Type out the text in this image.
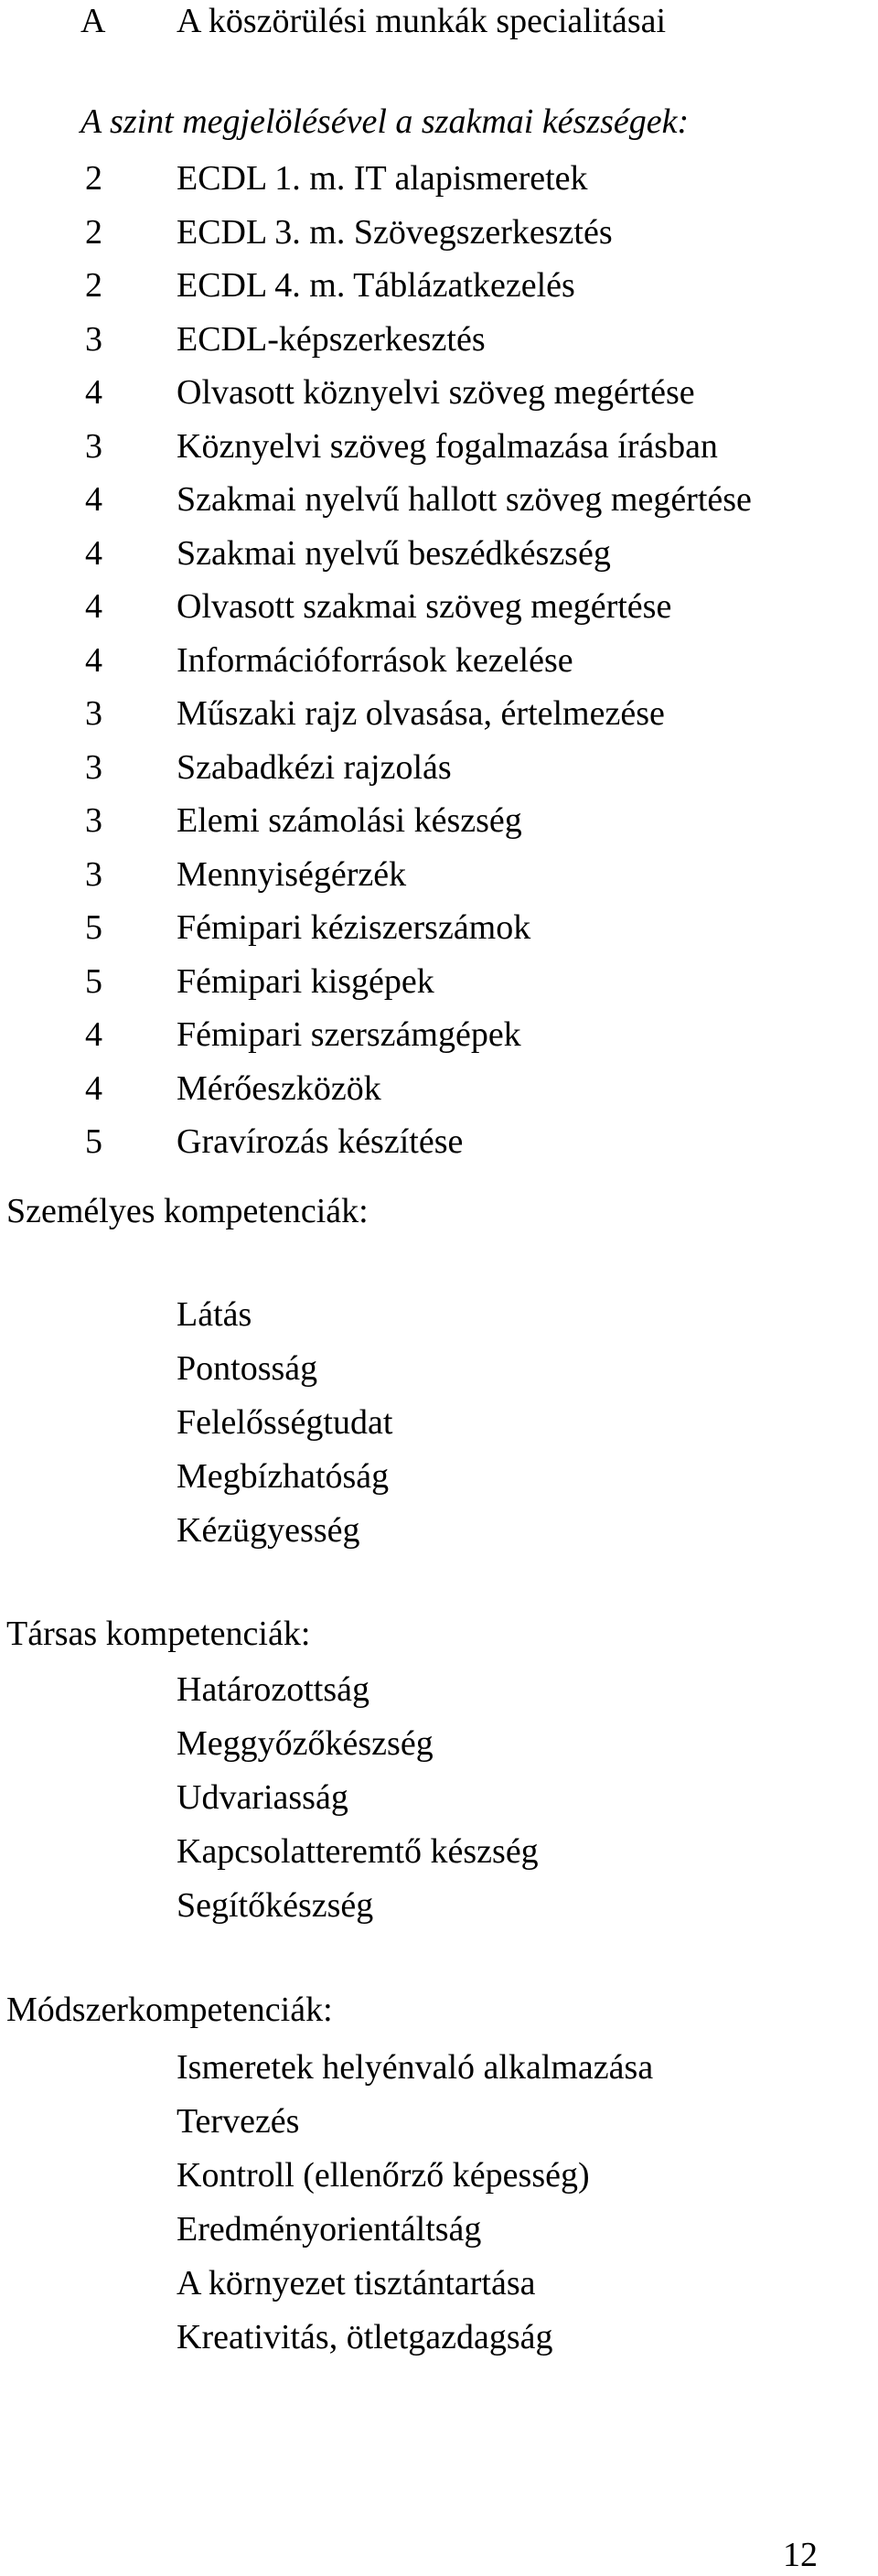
A A köszörülési munkák specialitásai
A szint megjelölésével a szakmai készségek:
2 ECDL 1. m. IT alapismeretek
2 ECDL 3. m. Szövegszerkesztés
2 ECDL 4. m. Táblázatkezelés
3 ECDL-képszerkesztés
4 Olvasott köznyelvi szöveg megértése
3 Köznyelvi szöveg fogalmazása írásban
4 Szakmai nyelvű hallott szöveg megértése
4 Szakmai nyelvű beszédkészség
4 Olvasott szakmai szöveg megértése
4 Információforrások kezelése
3 Műszaki rajz olvasása, értelmezése
3 Szabadkézi rajzolás
3 Elemi számolási készség
3 Mennyiségérzék
5 Fémipari kéziszerszámok
5 Fémipari kisgépek
4 Fémipari szerszámgépek
4 Mérőeszközök
5 Gravírozás készítése
Személyes kompetenciák:
Látás
Pontosság
Felelősségtudat
Megbízhatóság
Kézügyesség
Társas kompetenciák:
Határozottság
Meggyőzőkészség
Udvariasság
Kapcsolatteremtő készség
Segítőkészség
Módszerkompetenciák:
Ismeretek helyénvaló alkalmazása
Tervezés
Kontroll (ellenőrző képesség)
Eredményorientáltság
A környezet tisztántartása
Kreativitás, ötletgazdagság
12
